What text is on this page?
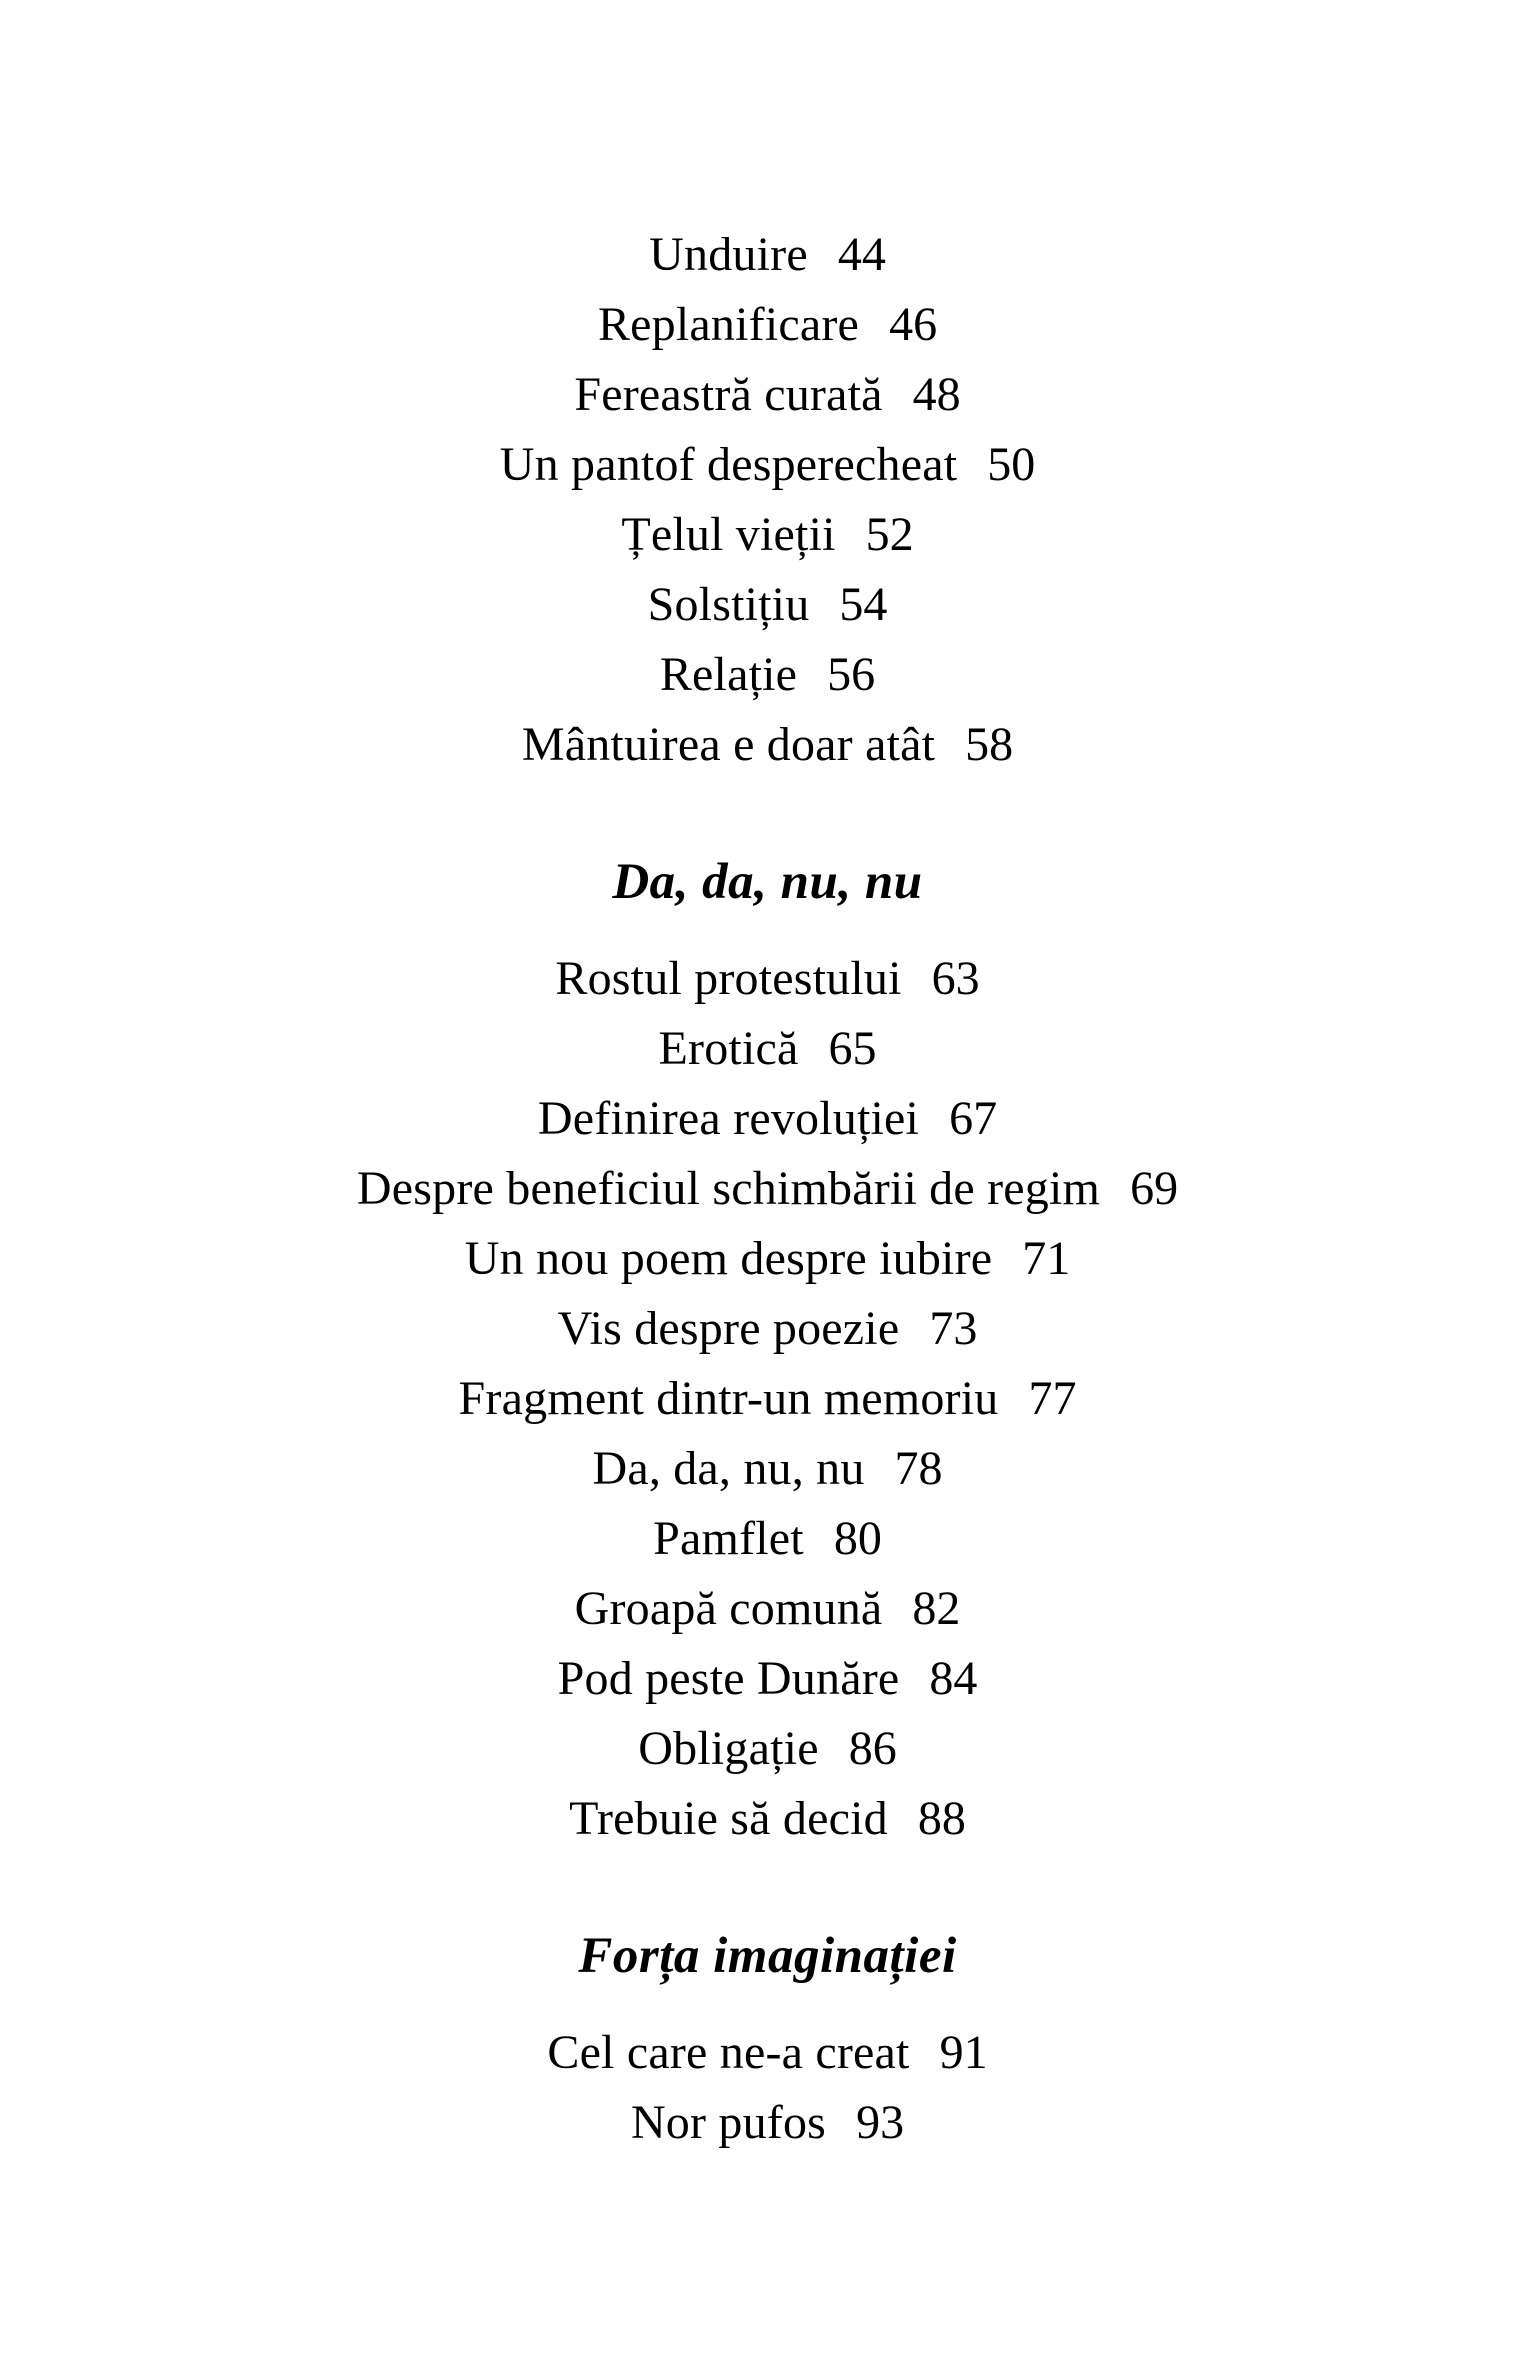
Unduire 44
Replanificare 46
Fereastră curată 48
Un pantof desperecheat 50
Țelul vieții 52
Solstițiu 54
Relație 56
Mântuirea e doar atât 58
Da, da, nu, nu
Rostul protestului 63
Erotică 65
Definirea revoluției 67
Despre beneficiul schimbării de regim 69
Un nou poem despre iubire 71
Vis despre poezie 73
Fragment dintr-un memoriu 77
Da, da, nu, nu 78
Pamflet 80
Groapă comună 82
Pod peste Dunăre 84
Obligație 86
Trebuie să decid 88
Forța imaginației
Cel care ne-a creat 91
Nor pufos 93
